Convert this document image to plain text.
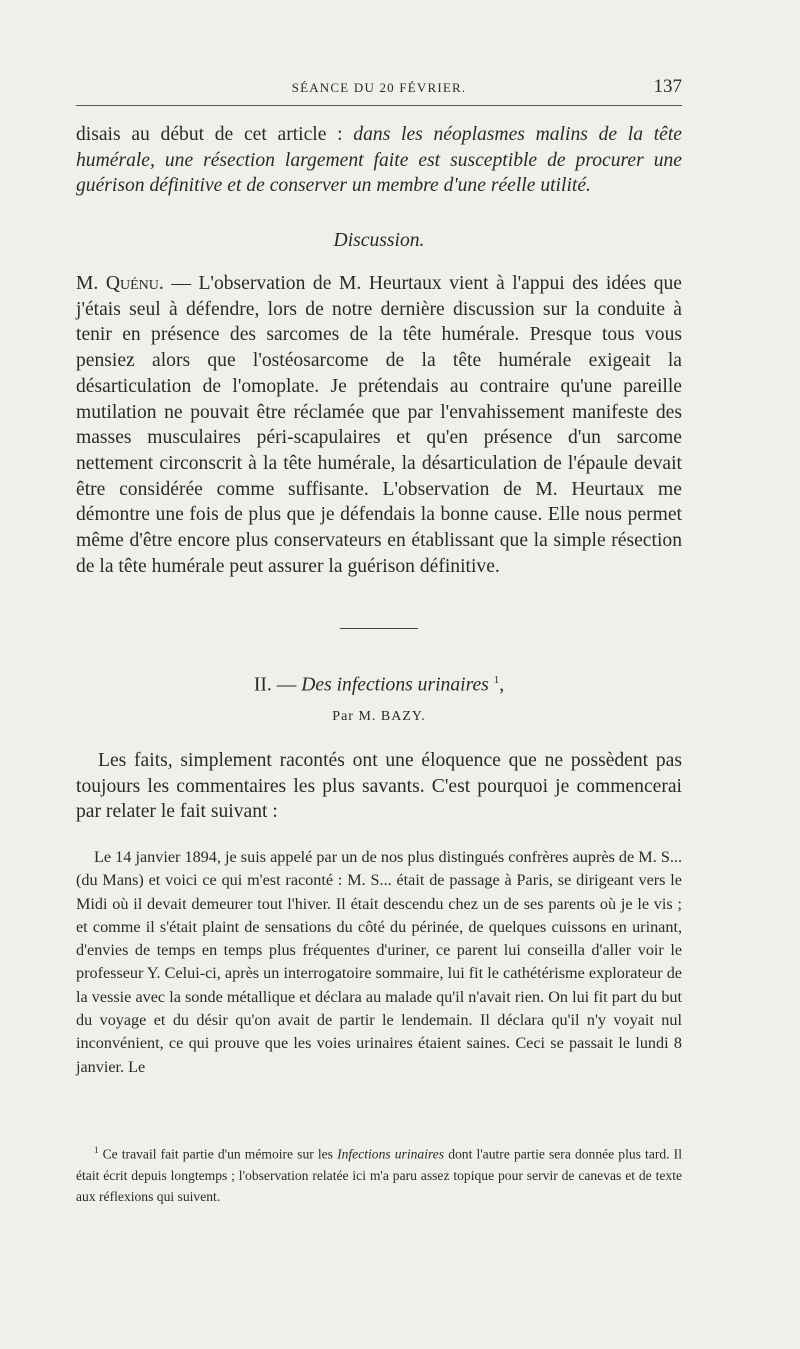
SÉANCE DU 20 FÉVRIER.	137

disais au début de cet article : dans les néoplasmes malins de la tête humérale, une résection largement faite est susceptible de procurer une guérison définitive et de conserver un membre d'une réelle utilité.

Discussion.

M. Quénu. — L'observation de M. Heurtaux vient à l'appui des idées que j'étais seul à défendre, lors de notre dernière discussion sur la conduite à tenir en présence des sarcomes de la tête humérale. Presque tous vous pensiez alors que l'ostéosarcome de la tête humérale exigeait la désarticulation de l'omoplate. Je prétendais au contraire qu'une pareille mutilation ne pouvait être réclamée que par l'envahissement manifeste des masses musculaires péri-scapulaires et qu'en présence d'un sarcome nettement circonscrit à la tête humérale, la désarticulation de l'épaule devait être considérée comme suffisante. L'observation de M. Heurtaux me démontre une fois de plus que je défendais la bonne cause. Elle nous permet même d'être encore plus conservateurs en établissant que la simple résection de la tête humérale peut assurer la guérison définitive.

II. — Des infections urinaires $^1$,
Par M. BAZY.

Les faits, simplement racontés ont une éloquence que ne possèdent pas toujours les commentaires les plus savants. C'est pourquoi je commencerai par relater le fait suivant :

Le 14 janvier 1894, je suis appelé par un de nos plus distingués confrères auprès de M. S... (du Mans) et voici ce qui m'est raconté : M. S... était de passage à Paris, se dirigeant vers le Midi où il devait demeurer tout l'hiver. Il était descendu chez un de ses parents où je le vis ; et comme il s'était plaint de sensations du côté du périnée, de quelques cuissons en urinant, d'envies de temps en temps plus fréquentes d'uriner, ce parent lui conseilla d'aller voir le professeur Y. Celui-ci, après un interrogatoire sommaire, lui fit le cathétérisme explorateur de la vessie avec la sonde métallique et déclara au malade qu'il n'avait rien. On lui fit part du but du voyage et du désir qu'on avait de partir le lendemain. Il déclara qu'il n'y voyait nul inconvénient, ce qui prouve que les voies urinaires étaient saines. Ceci se passait le lundi 8 janvier. Le

$^1$ Ce travail fait partie d'un mémoire sur les Infections urinaires dont l'autre partie sera donnée plus tard. Il était écrit depuis longtemps ; l'observation relatée ici m'a paru assez topique pour servir de canevas et de texte aux réflexions qui suivent.
